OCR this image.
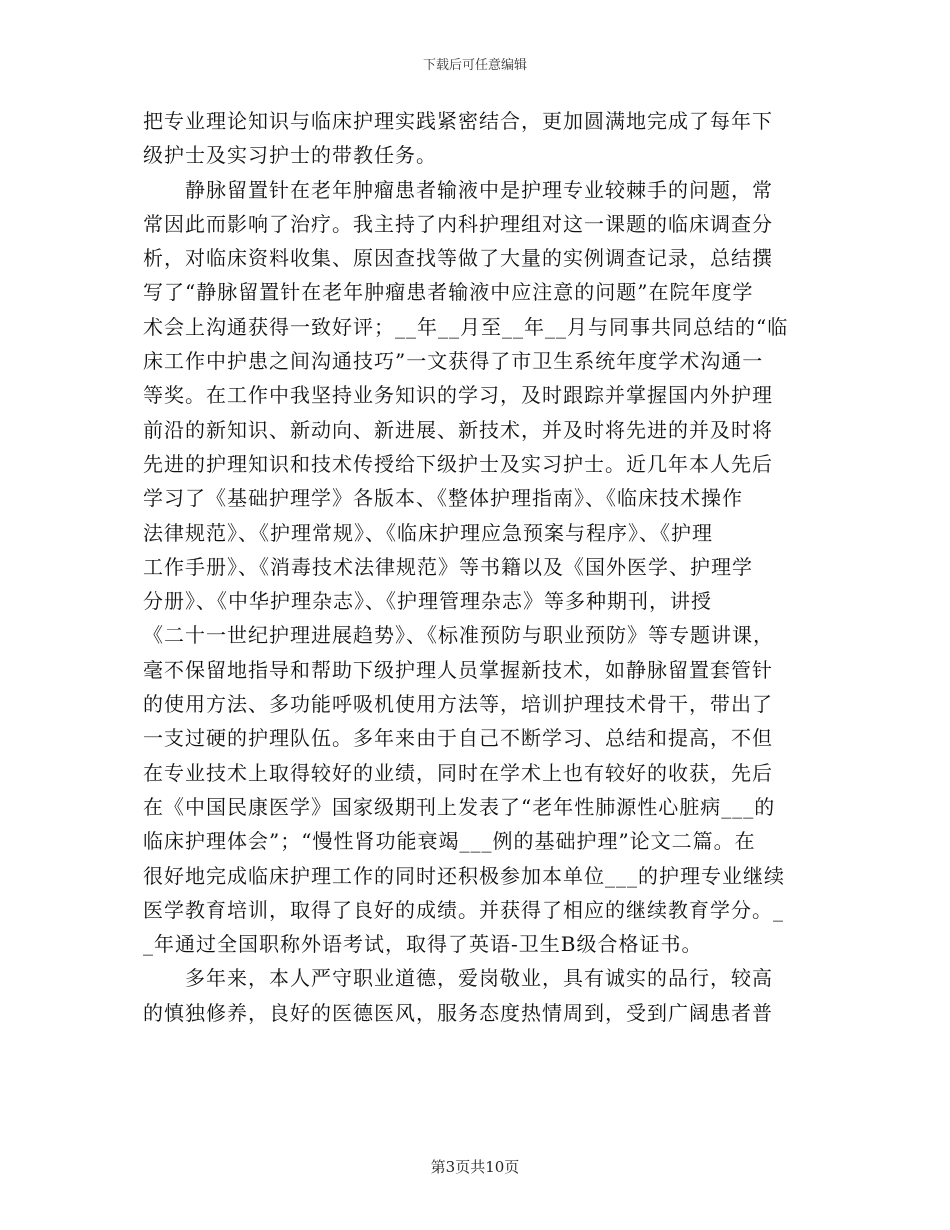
下载后可任意编辑
把专业理论知识与临床护理实践紧密结合，更加圆满地完成了每年下
级护士及实习护士的带教任务。
　　静脉留置针在老年肿瘤患者输液中是护理专业较棘手的问题，常
常因此而影响了治疗。我主持了内科护理组对这一课题的临床调查分
析，对临床资料收集、原因查找等做了大量的实例调查记录，总结撰
写了“静脉留置针在老年肿瘤患者输液中应注意的问题”在院年度学
术会上沟通获得一致好评；__年__月至__年__月与同事共同总结的“临
床工作中护患之间沟通技巧”一文获得了市卫生系统年度学术沟通一
等奖。在工作中我坚持业务知识的学习，及时跟踪并掌握国内外护理
前沿的新知识、新动向、新进展、新技术，并及时将先进的并及时将
先进的护理知识和技术传授给下级护士及实习护士。近几年本人先后
学习了《基础护理学》各版本、《整体护理指南》、《临床技术操作
法律规范》、《护理常规》、《临床护理应急预案与程序》、《护理
工作手册》、《消毒技术法律规范》等书籍以及《国外医学、护理学
分册》、《中华护理杂志》、《护理管理杂志》等多种期刊，讲授
《二十一世纪护理进展趋势》、《标准预防与职业预防》等专题讲课，
毫不保留地指导和帮助下级护理人员掌握新技术，如静脉留置套管针
的使用方法、多功能呼吸机使用方法等，培训护理技术骨干，带出了
一支过硬的护理队伍。多年来由于自己不断学习、总结和提高，不但
在专业技术上取得较好的业绩，同时在学术上也有较好的收获，先后
在《中国民康医学》国家级期刊上发表了“老年性肺源性心脏病___的
临床护理体会”；“慢性肾功能衰竭___例的基础护理”论文二篇。在
很好地完成临床护理工作的同时还积极参加本单位___的护理专业继续
医学教育培训，取得了良好的成绩。并获得了相应的继续教育学分。_
_年通过全国职称外语考试，取得了英语-卫生B级合格证书。
　　多年来，本人严守职业道德，爱岗敬业，具有诚实的品行，较高
的慎独修养，良好的医德医风，服务态度热情周到，受到广阔患者普
第3页共10页
